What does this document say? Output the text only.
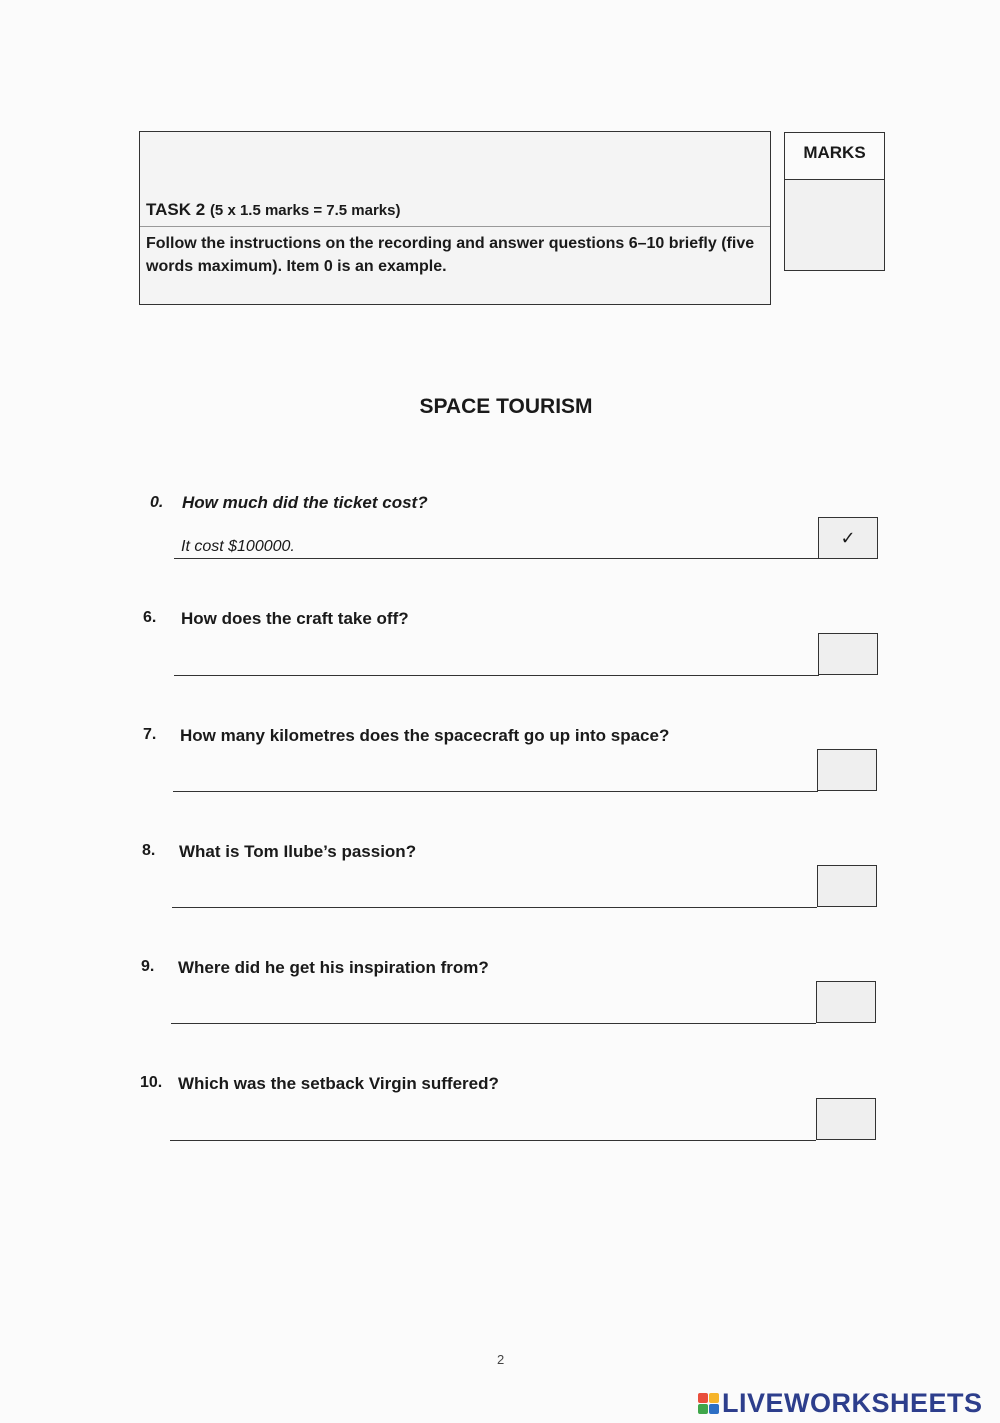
TASK 2 (5 x 1.5 marks = 7.5 marks)
Follow the instructions on the recording and answer questions 6–10 briefly (five words maximum). Item 0 is an example.
MARKS
SPACE TOURISM
0. How much did the ticket cost?
It cost $100000.	✓
6. How does the craft take off?
7. How many kilometres does the spacecraft go up into space?
8. What is Tom Ilube’s passion?
9. Where did he get his inspiration from?
10. Which was the setback Virgin suffered?
2
LIVEWORKSHEETS
